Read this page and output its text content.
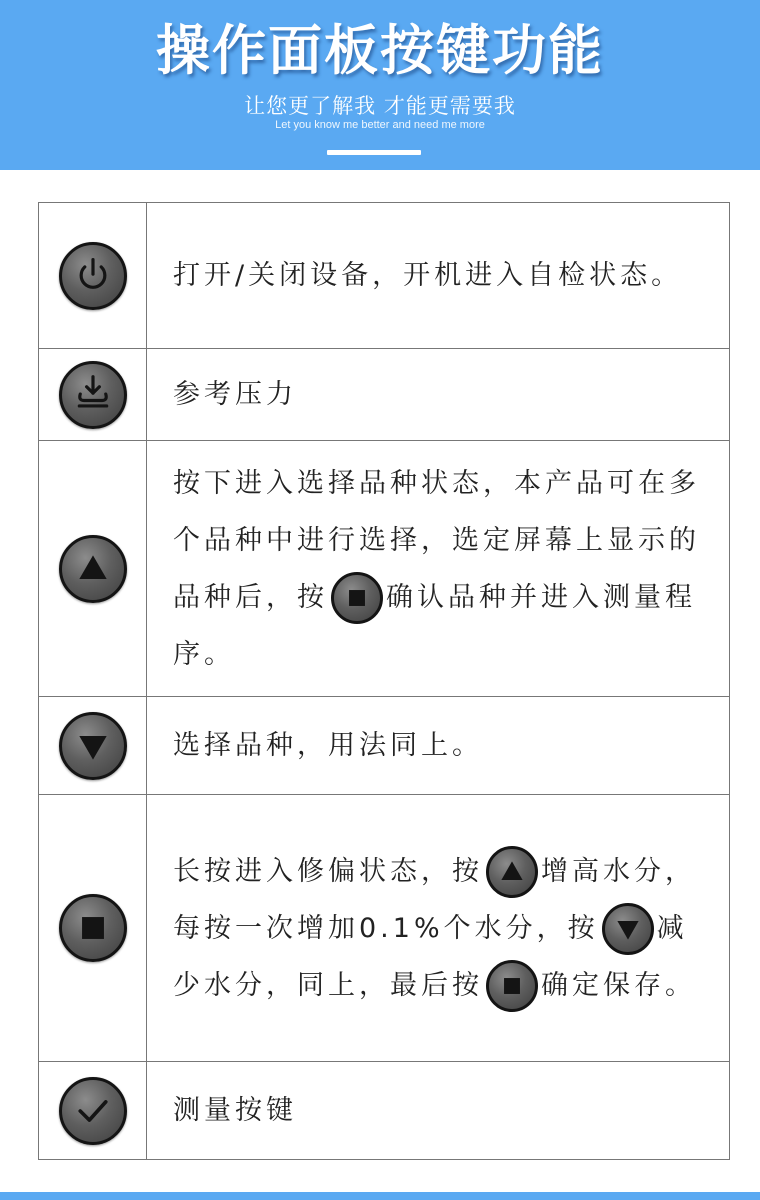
操作面板按键功能
让您更了解我 才能更需要我
Let you know me better and need me more

打开/关闭设备，开机进入自检状态。

参考压力

按下进入选择品种状态，本产品可在多个品种中进行选择，选定屏幕上显示的品种后，按 确认品种并进入测量程序。

选择品种，用法同上。

长按进入修偏状态，按 增高水分，每按一次增加0.1%个水分，按 减少水分，同上，最后按 确定保存。

测量按键
